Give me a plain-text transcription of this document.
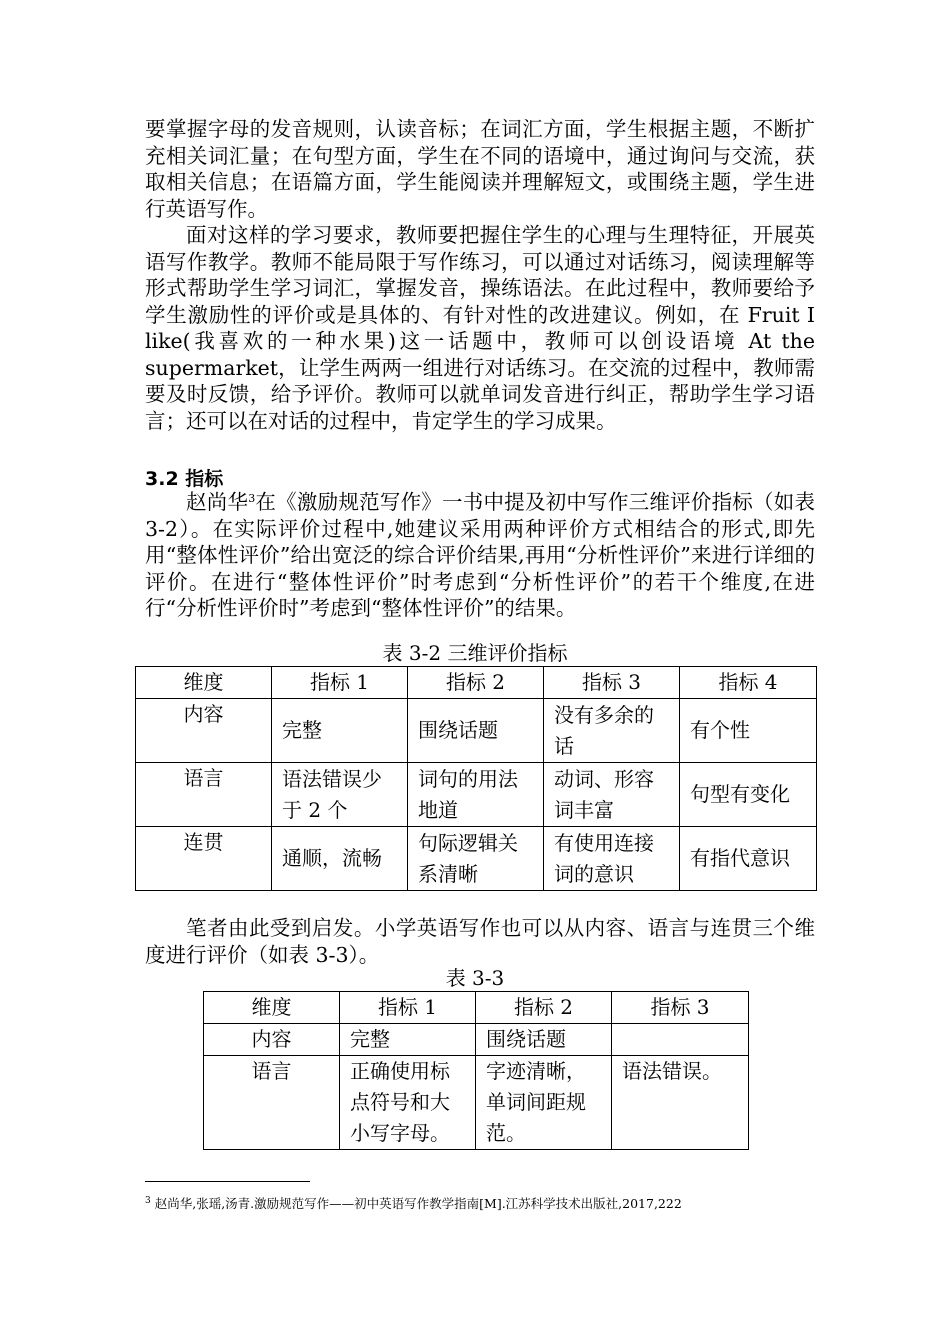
要掌握字母的发音规则，认读音标；在词汇方面，学生根据主题，不断扩充相关词汇量；在句型方面，学生在不同的语境中，通过询问与交流，获取相关信息；在语篇方面，学生能阅读并理解短文，或围绕主题，学生进行英语写作。

面对这样的学习要求，教师要把握住学生的心理与生理特征，开展英语写作教学。教师不能局限于写作练习，可以通过对话练习，阅读理解等形式帮助学生学习词汇，掌握发音，操练语法。在此过程中，教师要给予学生激励性的评价或是具体的、有针对性的改进建议。例如，在 Fruit I like(我喜欢的一种水果)这一话题中，教师可以创设语境 At the supermarket，让学生两两一组进行对话练习。在交流的过程中，教师需要及时反馈，给予评价。教师可以就单词发音进行纠正，帮助学生学习语言；还可以在对话的过程中，肯定学生的学习成果。

3.2 指标

赵尚华$^3$在《激励规范写作》一书中提及初中写作三维评价指标（如表 3-2）。在实际评价过程中,她建议采用两种评价方式相结合的形式,即先用“整体性评价”给出宽泛的综合评价结果,再用“分析性评价”来进行详细的评价。在进行“整体性评价”时考虑到“分析性评价”的若干个维度,在进行“分析性评价时”考虑到“整体性评价”的结果。

表 3-2 三维评价指标
维度	指标 1	指标 2	指标 3	指标 4
内容	完整	围绕话题	没有多余的话	有个性
语言	语法错误少于 2 个	词句的用法地道	动词、形容词丰富	句型有变化
连贯	通顺，流畅	句际逻辑关系清晰	有使用连接词的意识	有指代意识

笔者由此受到启发。小学英语写作也可以从内容、语言与连贯三个维度进行评价（如表 3-3）。

表 3-3
维度	指标 1	指标 2	指标 3
内容	完整	围绕话题	
语言	正确使用标点符号和大小写字母。	字迹清晰，单词间距规范。	语法错误。

$^3$ 赵尚华,张瑶,汤青.激励规范写作——初中英语写作教学指南[M].江苏科学技术出版社,2017,222
